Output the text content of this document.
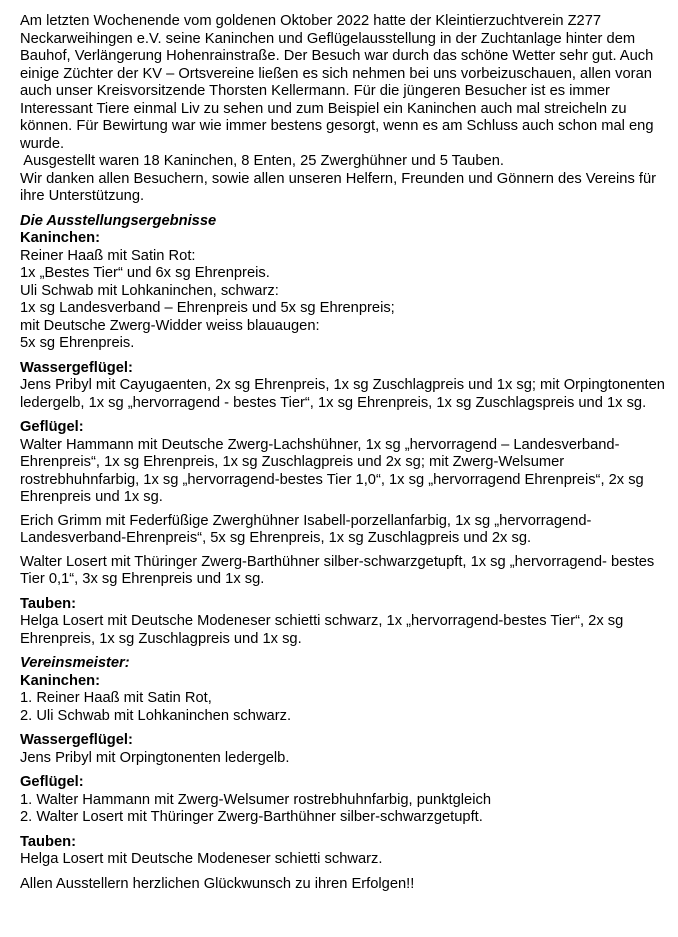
Am letzten Wochenende vom goldenen Oktober 2022 hatte der Kleintierzuchtverein Z277 Neckarweihingen e.V. seine Kaninchen und Geflügelausstellung in der Zuchtanlage hinter dem Bauhof, Verlängerung Hohenrainstraße. Der Besuch war durch das schöne Wetter sehr gut. Auch einige Züchter der KV – Ortsvereine ließen es sich nehmen bei uns vorbeizuschauen, allen voran auch unser Kreisvorsitzende Thorsten Kellermann. Für die jüngeren Besucher ist es immer Interessant Tiere einmal Liv zu sehen und zum Beispiel ein Kaninchen auch mal streicheln zu können. Für Bewirtung war wie immer bestens gesorgt, wenn es am Schluss auch schon mal eng wurde.

Ausgestellt waren 18 Kaninchen, 8 Enten, 25 Zwerghühner und 5 Tauben.

Wir danken allen Besuchern, sowie allen unseren Helfern, Freunden und Gönnern des Vereins für ihre Unterstützung.

Die Ausstellungsergebnisse
Kaninchen:
Reiner Haaß mit Satin Rot:
1x „Bestes Tier“ und 6x sg Ehrenpreis.
Uli Schwab mit Lohkaninchen, schwarz:
1x sg Landesverband – Ehrenpreis und 5x sg Ehrenpreis;
mit Deutsche Zwerg-Widder weiss blauaugen:
5x sg Ehrenpreis.
Wassergeflügel:

Jens Pribyl mit Cayugaenten, 2x sg Ehrenpreis, 1x sg Zuschlagpreis und 1x sg; mit Orpingtonenten ledergelb, 1x sg „hervorragend - bestes Tier“, 1x sg Ehrenpreis, 1x sg Zuschlagspreis und 1x sg.

Geflügel:

Walter Hammann mit Deutsche Zwerg-Lachshühner, 1x sg „hervorragend – Landesverband-Ehrenpreis“, 1x sg Ehrenpreis, 1x sg Zuschlagpreis und 2x sg; mit Zwerg-Welsumer rostrebhuhnfarbig, 1x sg „hervorragend-bestes Tier 1,0“, 1x sg „hervorragend Ehrenpreis“, 2x sg Ehrenpreis und 1x sg.

Erich Grimm mit Federfüßige Zwerghühner Isabell-porzellanfarbig, 1x sg „hervorragend-Landesverband-Ehrenpreis“, 5x sg Ehrenpreis, 1x sg Zuschlagpreis und 2x sg.

Walter Losert mit Thüringer Zwerg-Barthühner silber-schwarzgetupft, 1x sg „hervorragend- bestes Tier 0,1“, 3x sg Ehrenpreis und 1x sg.

Tauben:

Helga Losert mit Deutsche Modeneser schietti schwarz, 1x „hervorragend-bestes Tier“, 2x sg Ehrenpreis, 1x sg Zuschlagpreis und 1x sg.

Vereinsmeister:
Kaninchen:
1. Reiner Haaß mit Satin Rot,
2. Uli Schwab mit Lohkaninchen schwarz.
Wassergeflügel:
Jens Pribyl mit Orpingtonenten ledergelb.
Geflügel:
1. Walter Hammann mit Zwerg-Welsumer rostrebhuhnfarbig, punktgleich
2. Walter Losert mit Thüringer Zwerg-Barthühner silber-schwarzgetupft.
Tauben:
Helga Losert mit Deutsche Modeneser schietti schwarz.
Allen Ausstellern herzlichen Glückwunsch zu ihren Erfolgen!!
